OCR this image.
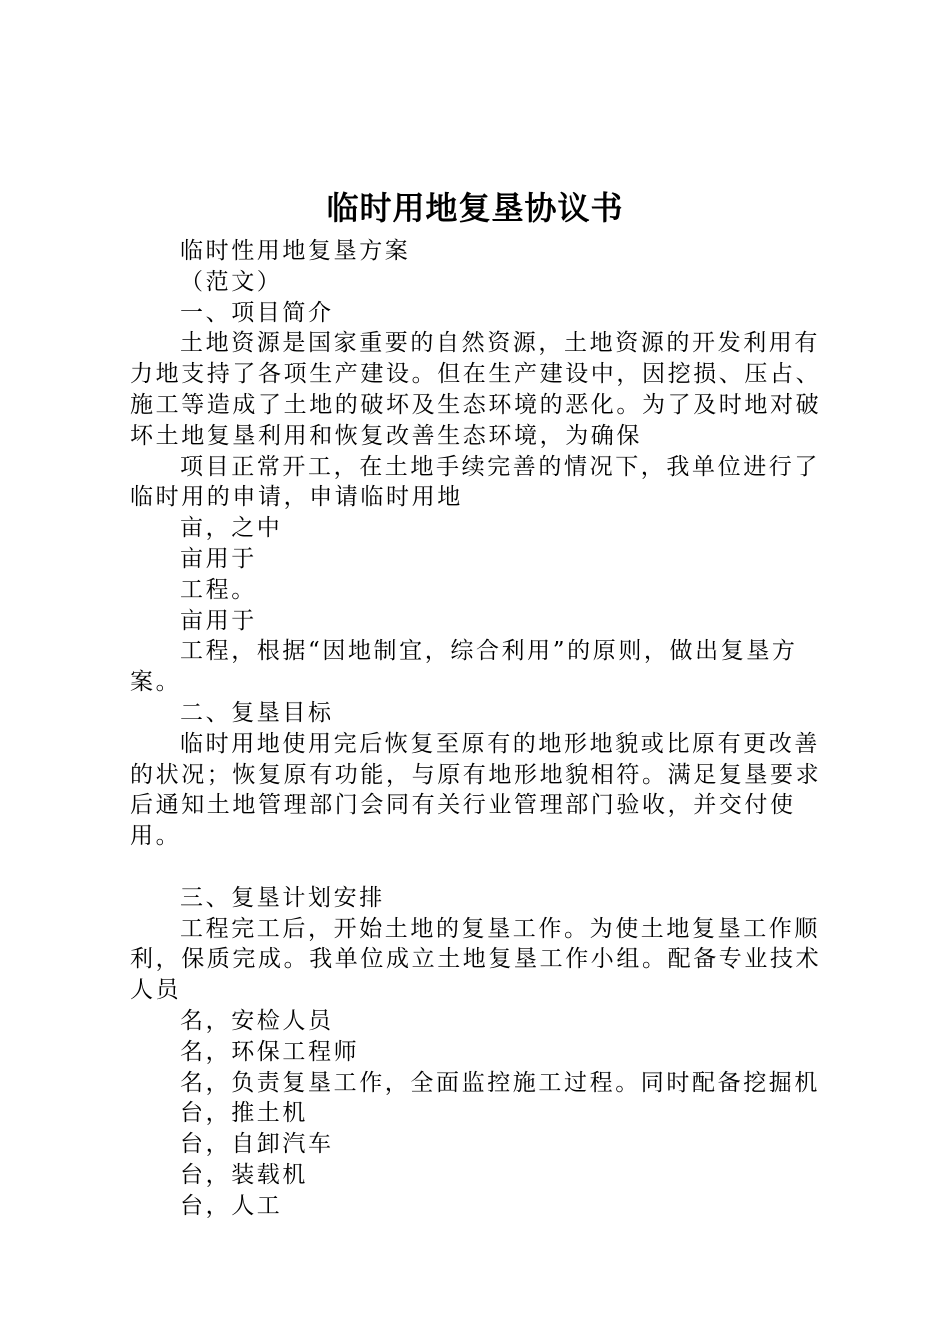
临时用地复垦协议书

临时性用地复垦方案

（范文）

一、项目简介

土地资源是国家重要的自然资源，土地资源的开发利用有力地支持了各项生产建设。但在生产建设中，因挖损、压占、施工等造成了土地的破坏及生态环境的恶化。为了及时地对破坏土地复垦利用和恢复改善生态环境，为确保

项目正常开工，在土地手续完善的情况下，我单位进行了临时用的申请，申请临时用地

亩，之中

亩用于

工程。

亩用于

工程，根据“因地制宜，综合利用”的原则，做出复垦方案。

二、复垦目标

临时用地使用完后恢复至原有的地形地貌或比原有更改善的状况；恢复原有功能，与原有地形地貌相符。满足复垦要求后通知土地管理部门会同有关行业管理部门验收，并交付使用。

三、复垦计划安排

工程完工后，开始土地的复垦工作。为使土地复垦工作顺利，保质完成。我单位成立土地复垦工作小组。配备专业技术人员

名，安检人员

名，环保工程师

名，负责复垦工作，全面监控施工过程。同时配备挖掘机

台，推土机

台，自卸汽车

台，装载机

台，人工
